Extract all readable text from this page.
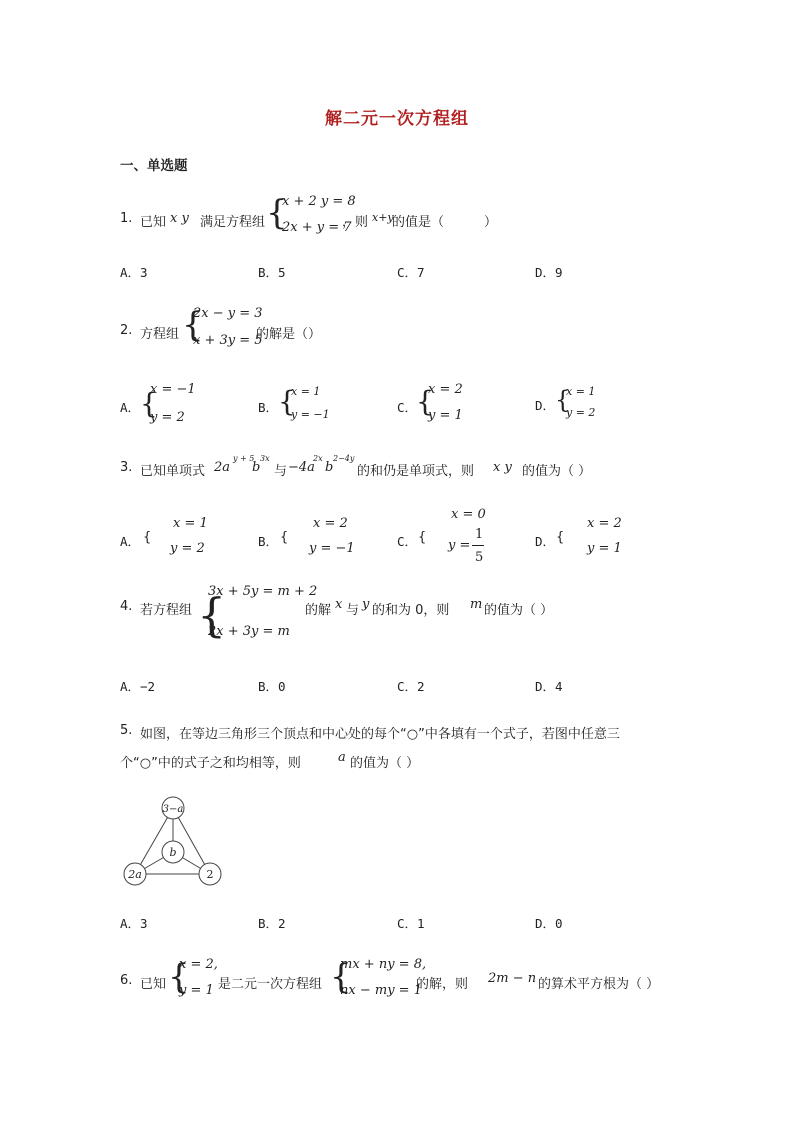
解二元一次方程组
一、单选题
1. 已知 x y 满足方程组 {
x + 2 y = 8
2x + y = 7
，则 x+y
的值是（	）
A．3	B．5	C．7	D．9
2. 方程组 {
2x − y = 3
x + 3y = 5
的解是（）
A． {
x = −1
y = 2
B． {
x = 1
y = −1	C．
{
x = 2
y = 1
D． {
x = 1
y = 2
3. 已知单项式 2a
y + 5
b
3x
与 −4a
2x
b
2−4y
的和仍是单项式，则 x y 的值为（ ）
A． {
x = 1
y = 2	B． {
x = 2
y = −1	C． {
x = 0
y =
1
5
D． {
x = 2
y = 1
4. 若方程组 {
3x + 5y = m + 2
2x + 3y = m
的解 x 与 y 的和为 0，则 m 的值为（ ）
A．−2	B．0	C．2	D．4
5. 如图，在等边三角形三个顶点和中心处的每个“○”中各填有一个式子，若图中任意三
个“○”中的式子之和均相等，则	a 的值为（ ）
3−a
b
2a	2
A．3	B．2	C．1	D．0
6. 已知 {
x = 2,
y = 1 是二元一次方程组 {
mx + ny = 8,
nx − my = 1
的解，则 2m − n 的算术平方根为（ ）
